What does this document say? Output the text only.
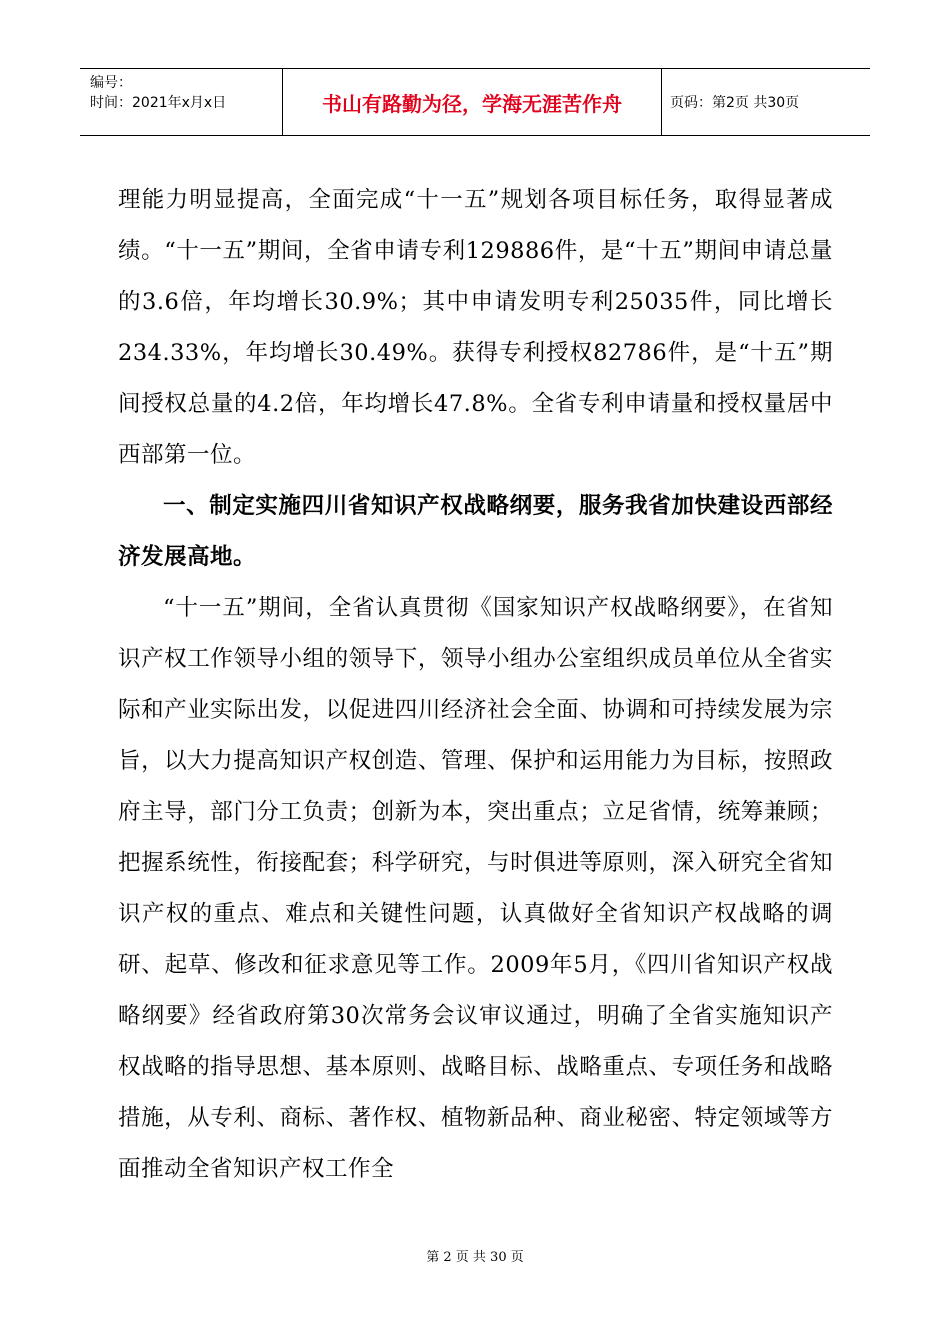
编号：
时间：2021年x月x日	书山有路勤为径，学海无涯苦作舟	页码：第2页 共30页

理能力明显提高，全面完成“十一五”规划各项目标任务，取得显著成绩。“十一五”期间，全省申请专利129886件，是“十五”期间申请总量的3.6倍，年均增长30.9%；其中申请发明专利25035件，同比增长234.33%，年均增长30.49%。获得专利授权82786件，是“十五”期间授权总量的4.2倍，年均增长47.8%。全省专利申请量和授权量居中西部第一位。

一、制定实施四川省知识产权战略纲要，服务我省加快建设西部经济发展高地。

“十一五”期间，全省认真贯彻《国家知识产权战略纲要》，在省知识产权工作领导小组的领导下，领导小组办公室组织成员单位从全省实际和产业实际出发，以促进四川经济社会全面、协调和可持续发展为宗旨，以大力提高知识产权创造、管理、保护和运用能力为目标，按照政府主导，部门分工负责；创新为本，突出重点；立足省情，统筹兼顾；把握系统性，衔接配套；科学研究，与时俱进等原则，深入研究全省知识产权的重点、难点和关键性问题，认真做好全省知识产权战略的调研、起草、修改和征求意见等工作。2009年5月，《四川省知识产权战略纲要》经省政府第30次常务会议审议通过，明确了全省实施知识产权战略的指导思想、基本原则、战略目标、战略重点、专项任务和战略措施，从专利、商标、著作权、植物新品种、商业秘密、特定领域等方面推动全省知识产权工作全

第 2 页 共 30 页
